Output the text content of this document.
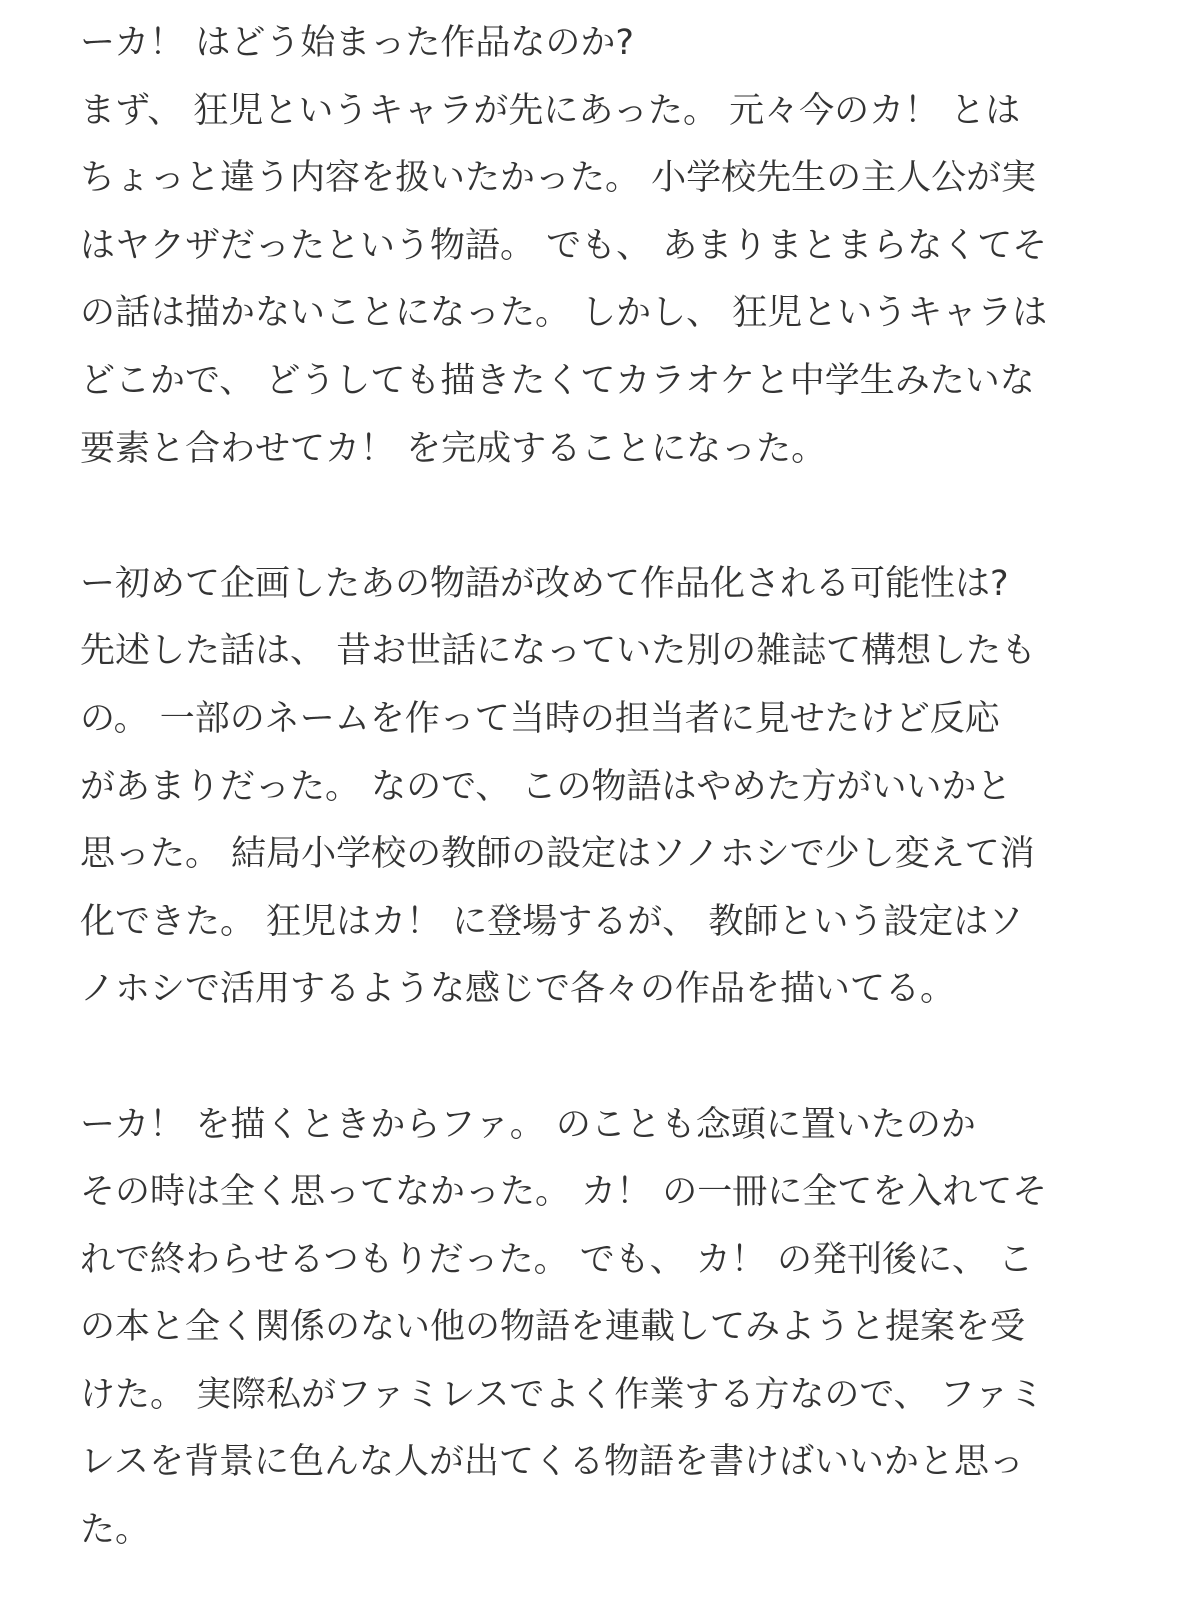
ーカ！ はどう始まった作品なのか?

まず、 狂児というキャラが先にあった。 元々今のカ！ とは
ちょっと違う内容を扱いたかった。 小学校先生の主人公が実
はヤクザだったという物語。 でも、 あまりまとまらなくてそ
の話は描かないことになった。 しかし、 狂児というキャラは
どこかで、 どうしても描きたくてカラオケと中学生みたいな
要素と合わせてカ！ を完成することになった。

ー初めて企画したあの物語が改めて作品化される可能性は?

先述した話は、 昔お世話になっていた別の雑誌て構想したも
の。 一部のネームを作って当時の担当者に見せたけど反応
があまりだった。 なので、 この物語はやめた方がいいかと
思った。 結局小学校の教師の設定はソノホシで少し変えて消
化できた。 狂児はカ！ に登場するが、 教師という設定はソ
ノホシで活用するような感じで各々の作品を描いてる。

ーカ！ を描くときからファ。 のことも念頭に置いたのか

その時は全く思ってなかった。 カ！ の一冊に全てを入れてそ
れで終わらせるつもりだった。 でも、 カ！ の発刊後に、 こ
の本と全く関係のない他の物語を連載してみようと提案を受
けた。 実際私がファミレスでよく作業する方なので、 ファミ
レスを背景に色んな人が出てくる物語を書けばいいかと思っ
た。
